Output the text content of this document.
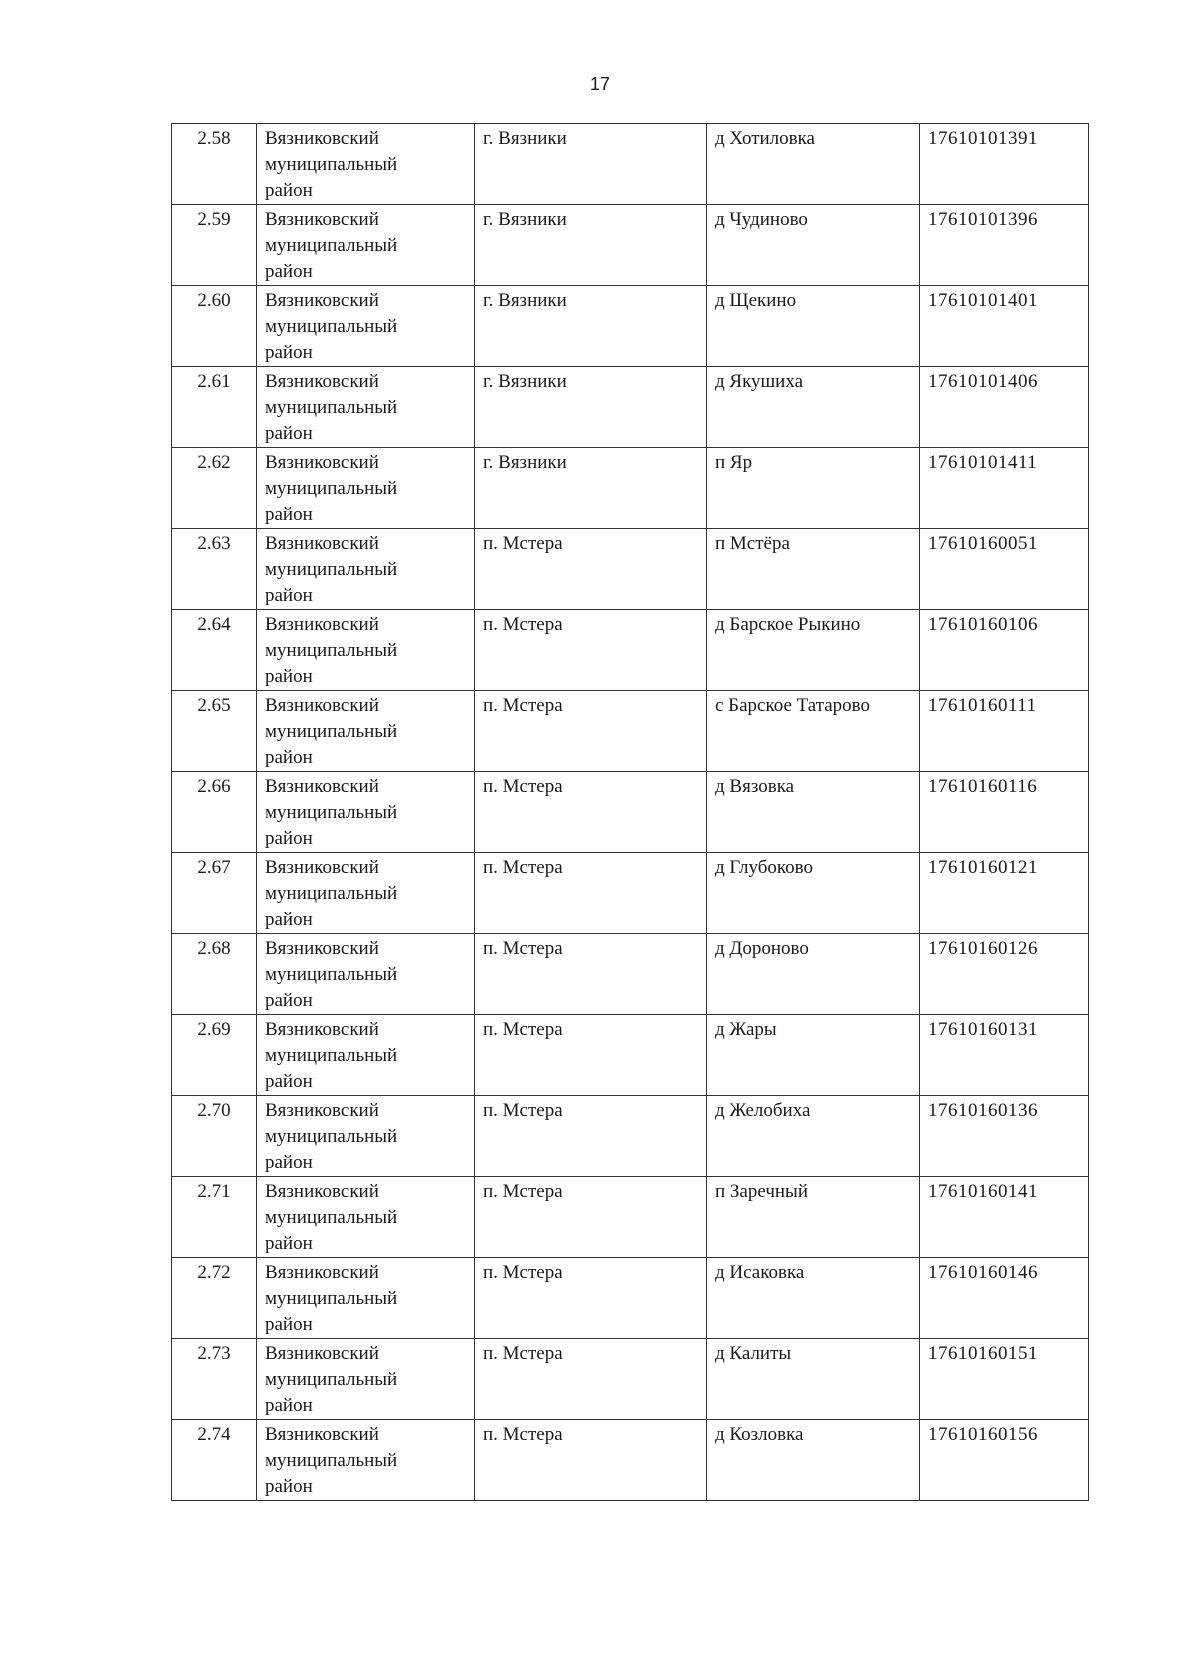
17
2.58	Вязниковский
муниципальный
район	г. Вязники	д Хотиловка	17610101391
2.59	Вязниковский
муниципальный
район	г. Вязники	д Чудиново	17610101396
2.60	Вязниковский
муниципальный
район	г. Вязники	д Щекино	17610101401
2.61	Вязниковский
муниципальный
район	г. Вязники	д Якушиха	17610101406
2.62	Вязниковский
муниципальный
район	г. Вязники	п Яр	17610101411
2.63	Вязниковский
муниципальный
район	п. Мстера	п Мстёра	17610160051
2.64	Вязниковский
муниципальный
район	п. Мстера	д Барское Рыкино	17610160106
2.65	Вязниковский
муниципальный
район	п. Мстера	с Барское Татарово	17610160111
2.66	Вязниковский
муниципальный
район	п. Мстера	д Вязовка	17610160116
2.67	Вязниковский
муниципальный
район	п. Мстера	д Глубоково	17610160121
2.68	Вязниковский
муниципальный
район	п. Мстера	д Дороново	17610160126
2.69	Вязниковский
муниципальный
район	п. Мстера	д Жары	17610160131
2.70	Вязниковский
муниципальный
район	п. Мстера	д Желобиха	17610160136
2.71	Вязниковский
муниципальный
район	п. Мстера	п Заречный	17610160141
2.72	Вязниковский
муниципальный
район	п. Мстера	д Исаковка	17610160146
2.73	Вязниковский
муниципальный
район	п. Мстера	д Калиты	17610160151
2.74	Вязниковский
муниципальный
район	п. Мстера	д Козловка	17610160156
